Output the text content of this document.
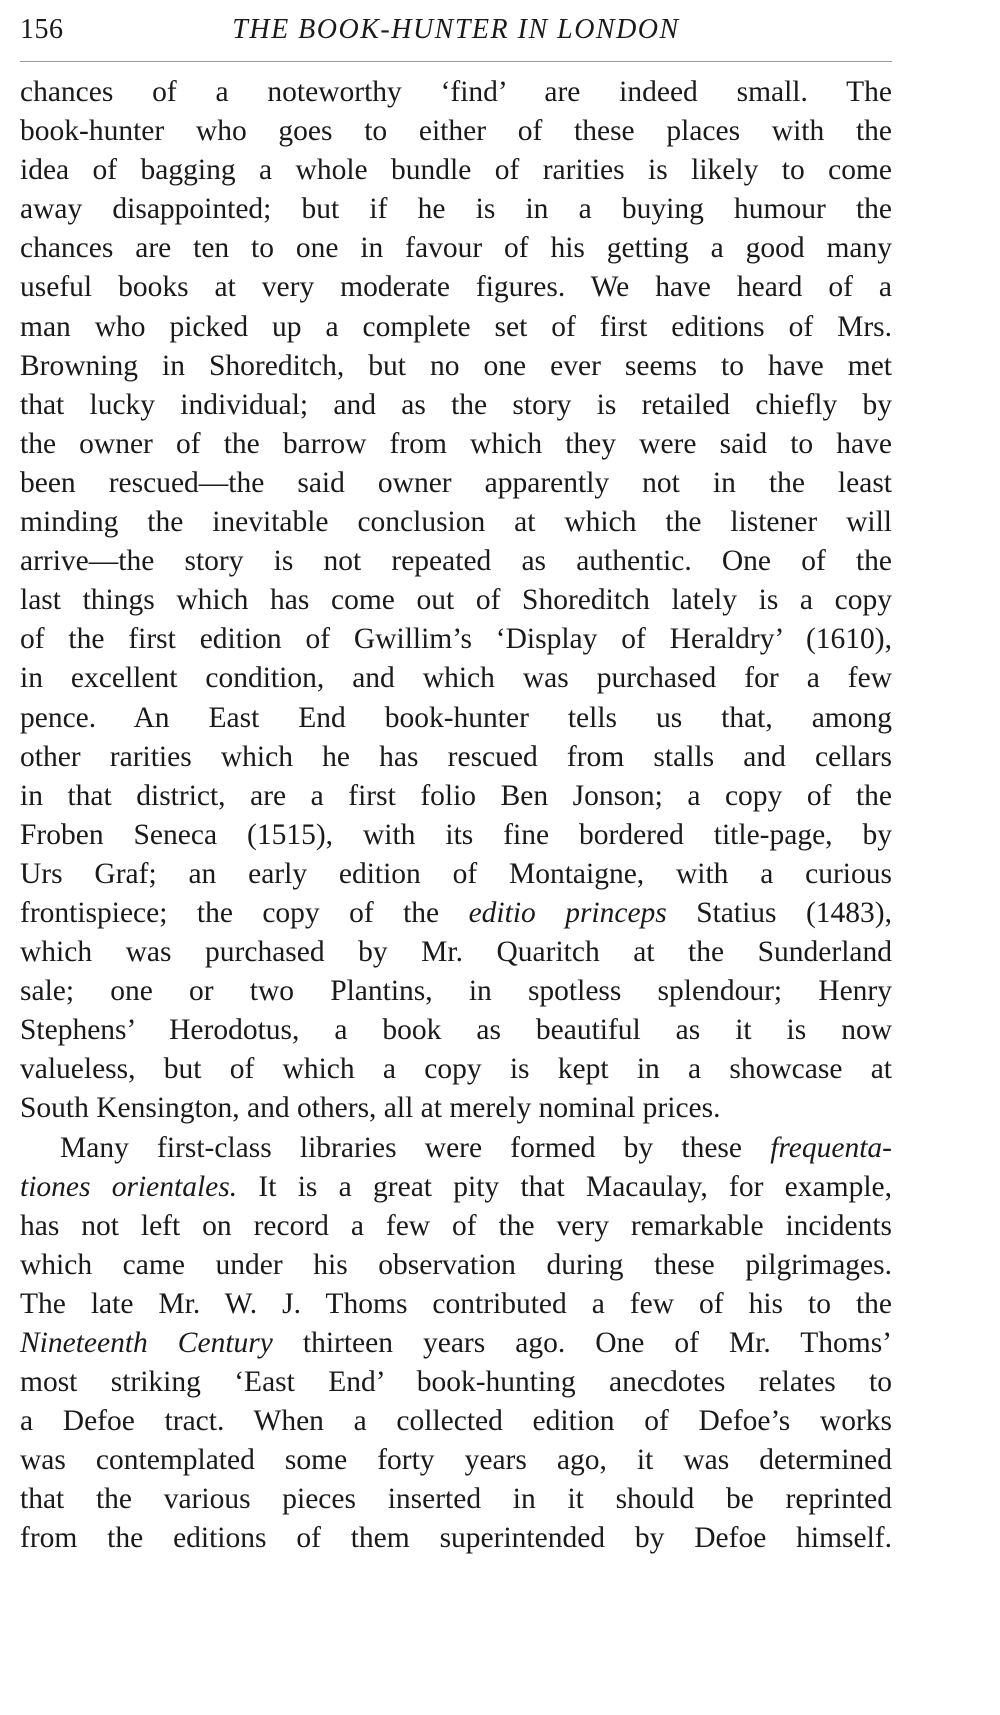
156	THE BOOK-HUNTER IN LONDON
chances of a noteworthy ‘find’ are indeed small. The
book-hunter who goes to either of these places with the
idea of bagging a whole bundle of rarities is likely to come
away disappointed; but if he is in a buying humour the
chances are ten to one in favour of his getting a good many
useful books at very moderate figures. We have heard of a
man who picked up a complete set of first editions of Mrs.
Browning in Shoreditch, but no one ever seems to have met
that lucky individual; and as the story is retailed chiefly by
the owner of the barrow from which they were said to have
been rescued—the said owner apparently not in the least
minding the inevitable conclusion at which the listener will
arrive—the story is not repeated as authentic. One of the
last things which has come out of Shoreditch lately is a copy
of the first edition of Gwillim’s ‘Display of Heraldry’ (1610),
in excellent condition, and which was purchased for a few
pence. An East End book-hunter tells us that, among
other rarities which he has rescued from stalls and cellars
in that district, are a first folio Ben Jonson; a copy of the
Froben Seneca (1515), with its fine bordered title-page, by
Urs Graf; an early edition of Montaigne, with a curious
frontispiece; the copy of the editio princeps Statius (1483),
which was purchased by Mr. Quaritch at the Sunderland
sale; one or two Plantins, in spotless splendour; Henry
Stephens’ Herodotus, a book as beautiful as it is now
valueless, but of which a copy is kept in a showcase at
South Kensington, and others, all at merely nominal prices.
Many first-class libraries were formed by these frequenta-
tiones orientales. It is a great pity that Macaulay, for example,
has not left on record a few of the very remarkable incidents
which came under his observation during these pilgrimages.
The late Mr. W. J. Thoms contributed a few of his to the
Nineteenth Century thirteen years ago. One of Mr. Thoms’
most striking ‘East End’ book-hunting anecdotes relates to
a Defoe tract. When a collected edition of Defoe’s works
was contemplated some forty years ago, it was determined
that the various pieces inserted in it should be reprinted
from the editions of them superintended by Defoe himself.
